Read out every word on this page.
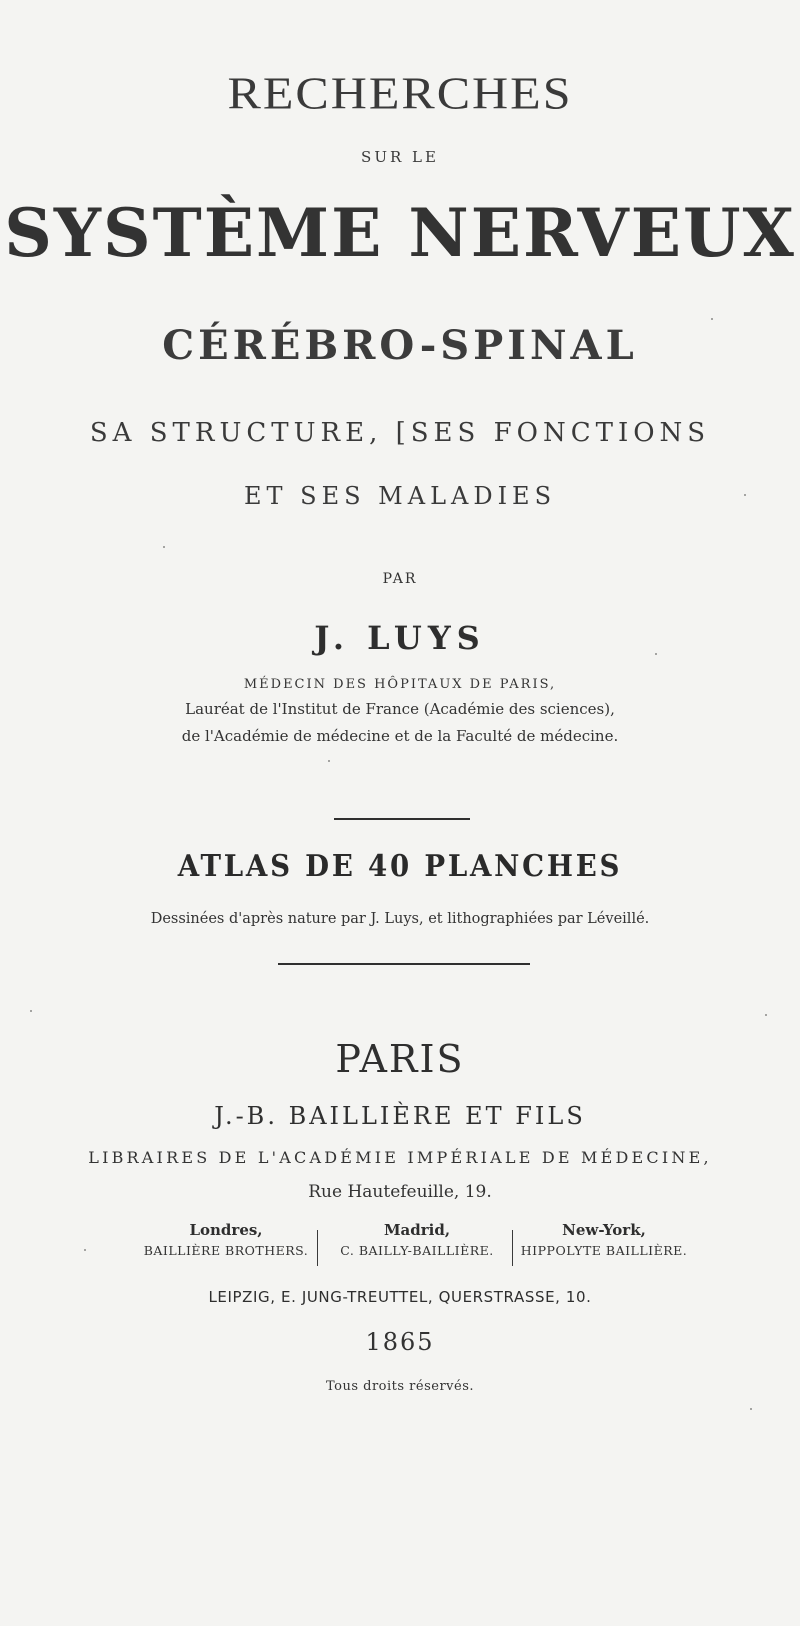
RECHERCHES
SUR LE
SYSTÈME NERVEUX
CÉRÉBRO-SPINAL
SA STRUCTURE, [SES FONCTIONS
ET SES MALADIES
PAR
J. LUYS
MÉDECIN DES HÔPITAUX DE PARIS,
Lauréat de l'Institut de France (Académie des sciences),
de l'Académie de médecine et de la Faculté de médecine.
ATLAS DE 40 PLANCHES
Dessinées d'après nature par J. Luys, et lithographiées par Léveillé.
PARIS
J.-B. BAILLIÈRE ET FILS
LIBRAIRES DE L'ACADÉMIE IMPÉRIALE DE MÉDECINE,
Rue Hautefeuille, 19.
Londres,
BAILLIÈRE BROTHERS.
Madrid,
C. BAILLY-BAILLIÈRE.
New-York,
HIPPOLYTE BAILLIÈRE.
LEIPZIG, E. JUNG-TREUTTEL, QUERSTRASSE, 10.
1865
Tous droits réservés.
